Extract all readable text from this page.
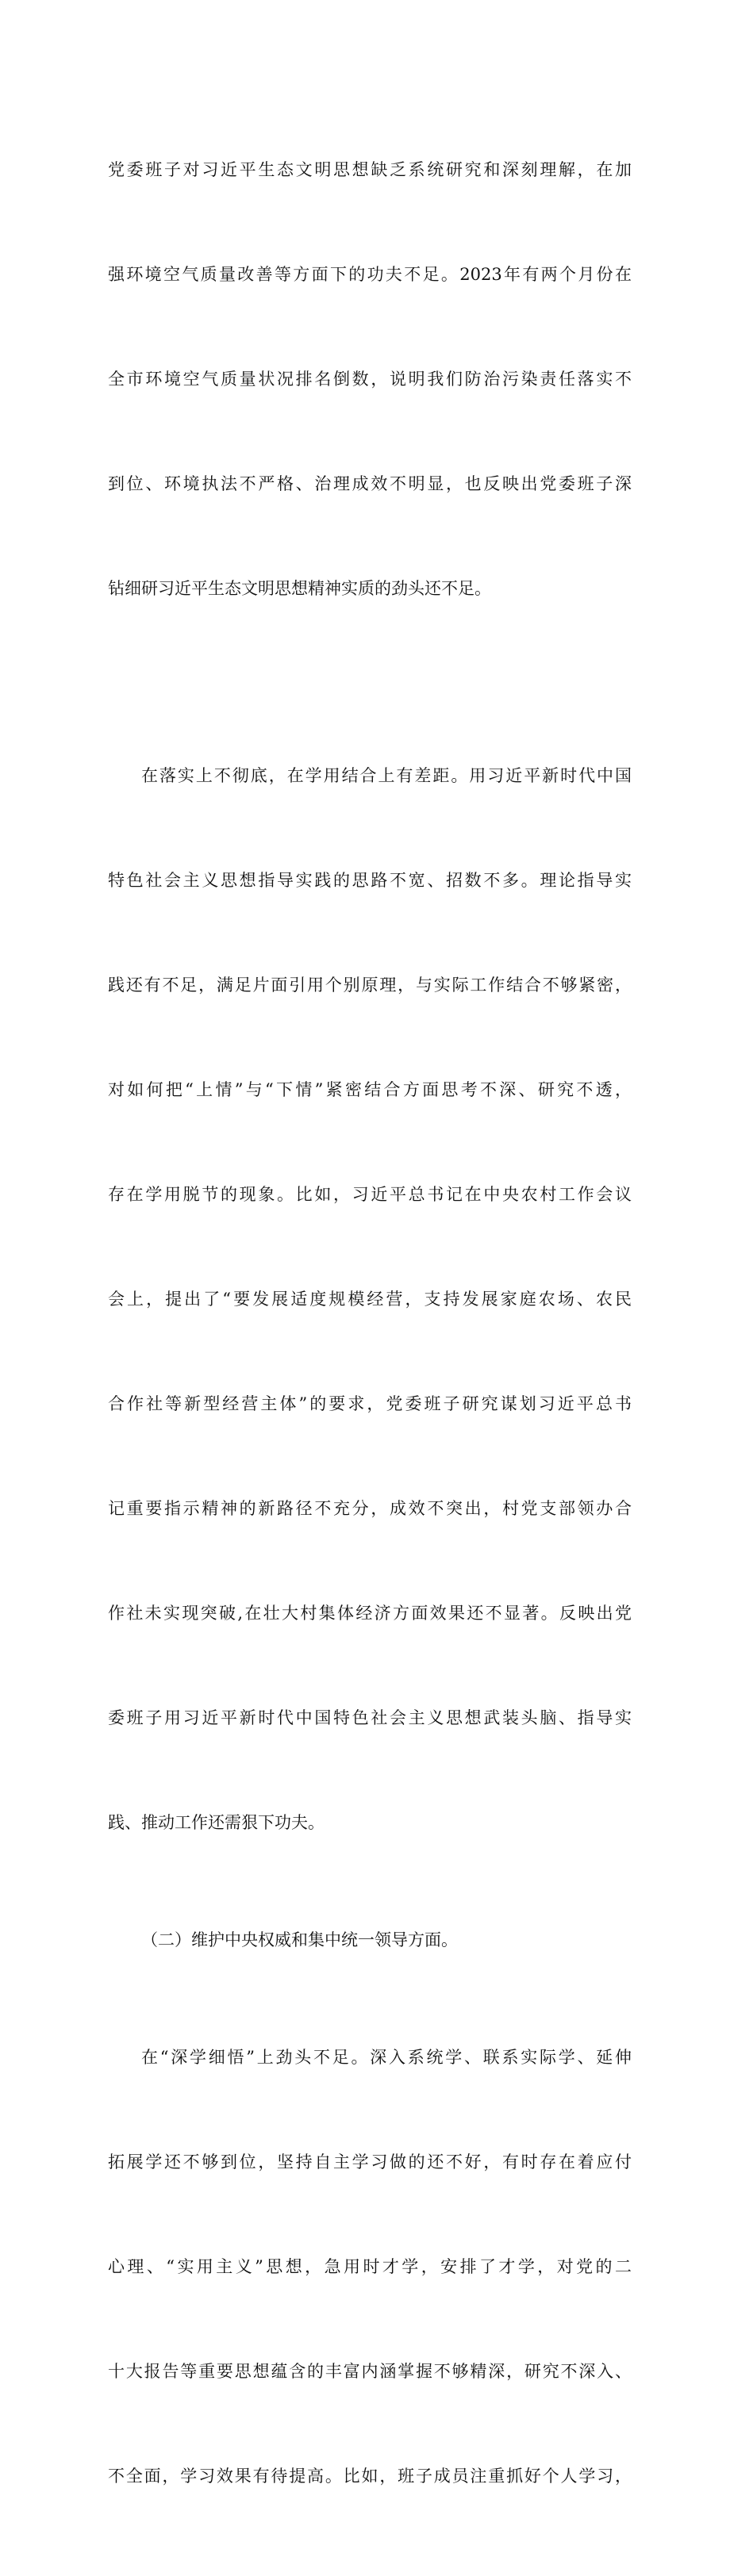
党委班子对习近平生态文明思想缺乏系统研究和深刻理解，在加

强环境空气质量改善等方面下的功夫不足。2023年有两个月份在

全市环境空气质量状况排名倒数，说明我们防治污染责任落实不

到位、环境执法不严格、治理成效不明显，也反映出党委班子深

钻细研习近平生态文明思想精神实质的劲头还不足。

在落实上不彻底，在学用结合上有差距。用习近平新时代中国

特色社会主义思想指导实践的思路不宽、招数不多。理论指导实

践还有不足，满足片面引用个别原理，与实际工作结合不够紧密，

对如何把“上情”与“下情”紧密结合方面思考不深、研究不透，

存在学用脱节的现象。比如，习近平总书记在中央农村工作会议

会上，提出了“要发展适度规模经营，支持发展家庭农场、农民

合作社等新型经营主体”的要求，党委班子研究谋划习近平总书

记重要指示精神的新路径不充分，成效不突出，村党支部领办合

作社未实现突破,在壮大村集体经济方面效果还不显著。反映出党

委班子用习近平新时代中国特色社会主义思想武装头脑、指导实

践、推动工作还需狠下功夫。

（二）维护中央权威和集中统一领导方面。

在“深学细悟”上劲头不足。深入系统学、联系实际学、延伸

拓展学还不够到位，坚持自主学习做的还不好，有时存在着应付

心理、“实用主义”思想，急用时才学，安排了才学，对党的二

十大报告等重要思想蕴含的丰富内涵掌握不够精深，研究不深入、

不全面，学习效果有待提高。比如，班子成员注重抓好个人学习，
